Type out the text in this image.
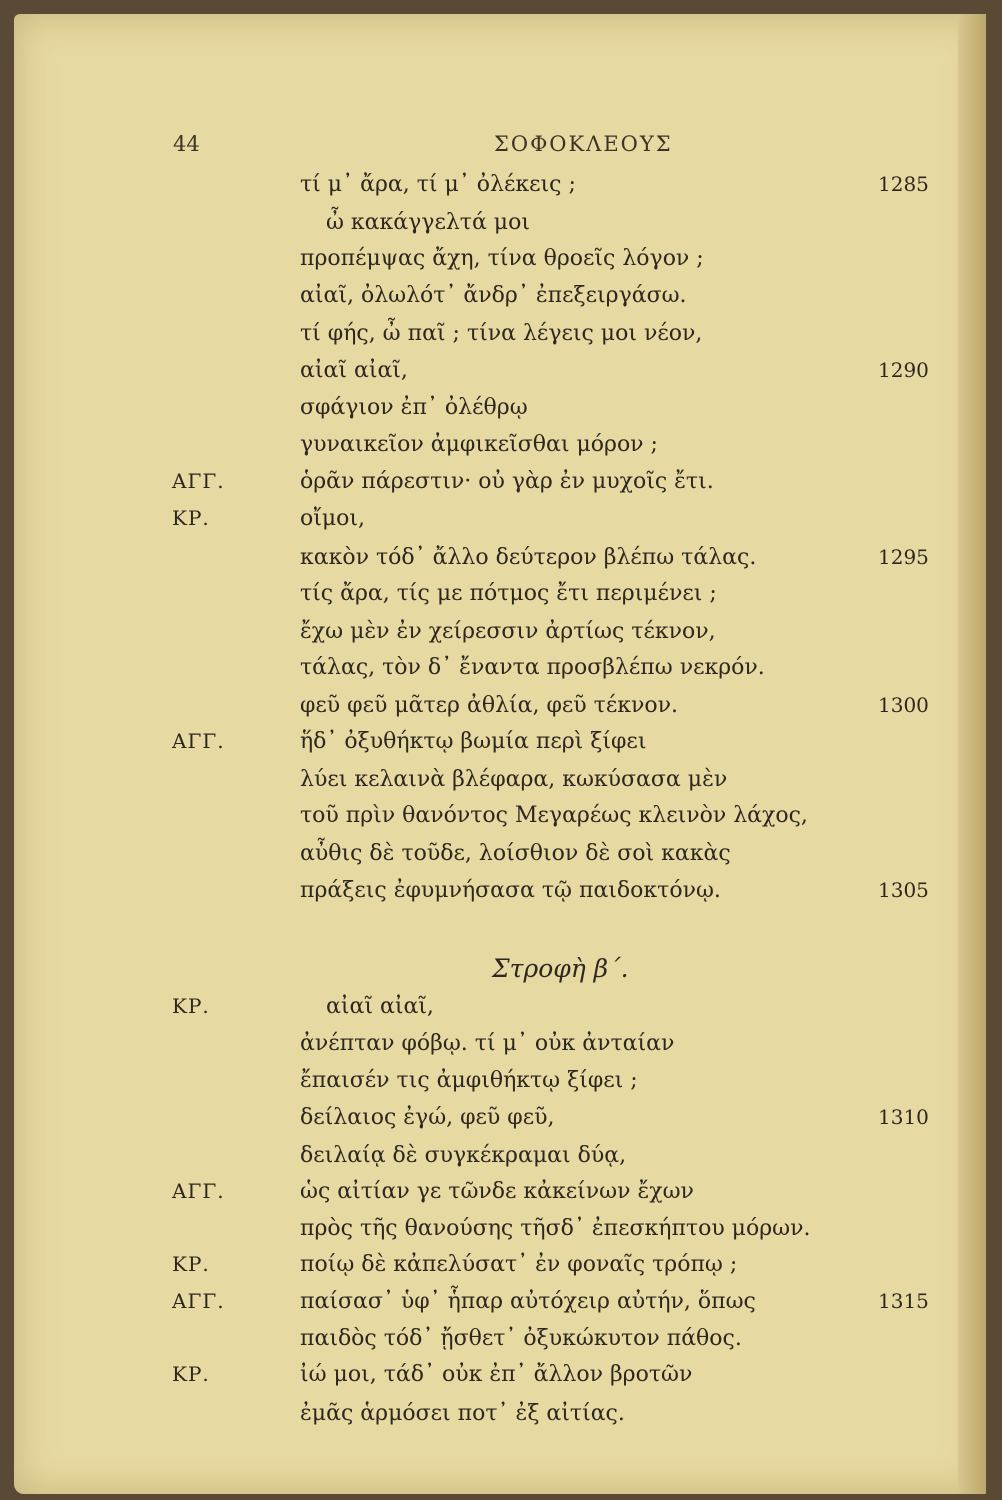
44	ΣΟΦΟΚΛΕΟΥΣ
Στροφὴ β΄.
τί μ᾽ ἄρα, τί μ᾽ ὀλέκεις ;	1285
ὦ κακάγγελτά μοι
προπέμψας ἄχη, τίνα θροεῖς λόγον ;
αἰαῖ, ὀλωλότ᾽ ἄνδρ᾽ ἐπεξειργάσω.
τί φής, ὦ παῖ ; τίνα λέγεις μοι νέον,
αἰαῖ αἰαῖ,	1290
σφάγιον ἐπ᾽ ὀλέθρῳ
γυναικεῖον ἀμφικεῖσθαι μόρον ;
ΑΓΓ.	ὁρᾶν πάρεστιν· οὐ γὰρ ἐν μυχοῖς ἔτι.
ΚΡ.	οἴμοι,
κακὸν τόδ᾽ ἄλλο δεύτερον βλέπω τάλας.	1295
τίς ἄρα, τίς με πότμος ἔτι περιμένει ;
ἔχω μὲν ἐν χείρεσσιν ἀρτίως τέκνον,
τάλας, τὸν δ᾽ ἔναντα προσβλέπω νεκρόν.
φεῦ φεῦ μᾶτερ ἀθλία, φεῦ τέκνον.	1300
ΑΓΓ.	ἥδ᾽ ὀξυθήκτῳ βωμία περὶ ξίφει
λύει κελαινὰ βλέφαρα, κωκύσασα μὲν
τοῦ πρὶν θανόντος Μεγαρέως κλεινὸν λάχος,
αὖθις δὲ τοῦδε, λοίσθιον δὲ σοὶ κακὰς
πράξεις ἐφυμνήσασα τῷ παιδοκτόνῳ.	1305
ΚΡ.	αἰαῖ αἰαῖ,
ἀνέπταν φόβῳ. τί μ᾽ οὐκ ἀνταίαν
ἔπαισέν τις ἀμφιθήκτῳ ξίφει ;
δείλαιος ἐγώ, φεῦ φεῦ,	1310
δειλαίᾳ δὲ συγκέκραμαι δύᾳ,
ΑΓΓ.	ὡς αἰτίαν γε τῶνδε κἀκείνων ἔχων
πρὸς τῆς θανούσης τῆσδ᾽ ἐπεσκήπτου μόρων.
ΚΡ.	ποίῳ δὲ κἀπελύσατ᾽ ἐν φοναῖς τρόπῳ ;
ΑΓΓ.	παίσασ᾽ ὑφ᾽ ἧπαρ αὐτόχειρ αὐτήν, ὅπως	1315
παιδὸς τόδ᾽ ᾔσθετ᾽ ὀξυκώκυτον πάθος.
ΚΡ.	ἰώ μοι, τάδ᾽ οὐκ ἐπ᾽ ἄλλον βροτῶν
ἐμᾶς ἁρμόσει ποτ᾽ ἐξ αἰτίας.
